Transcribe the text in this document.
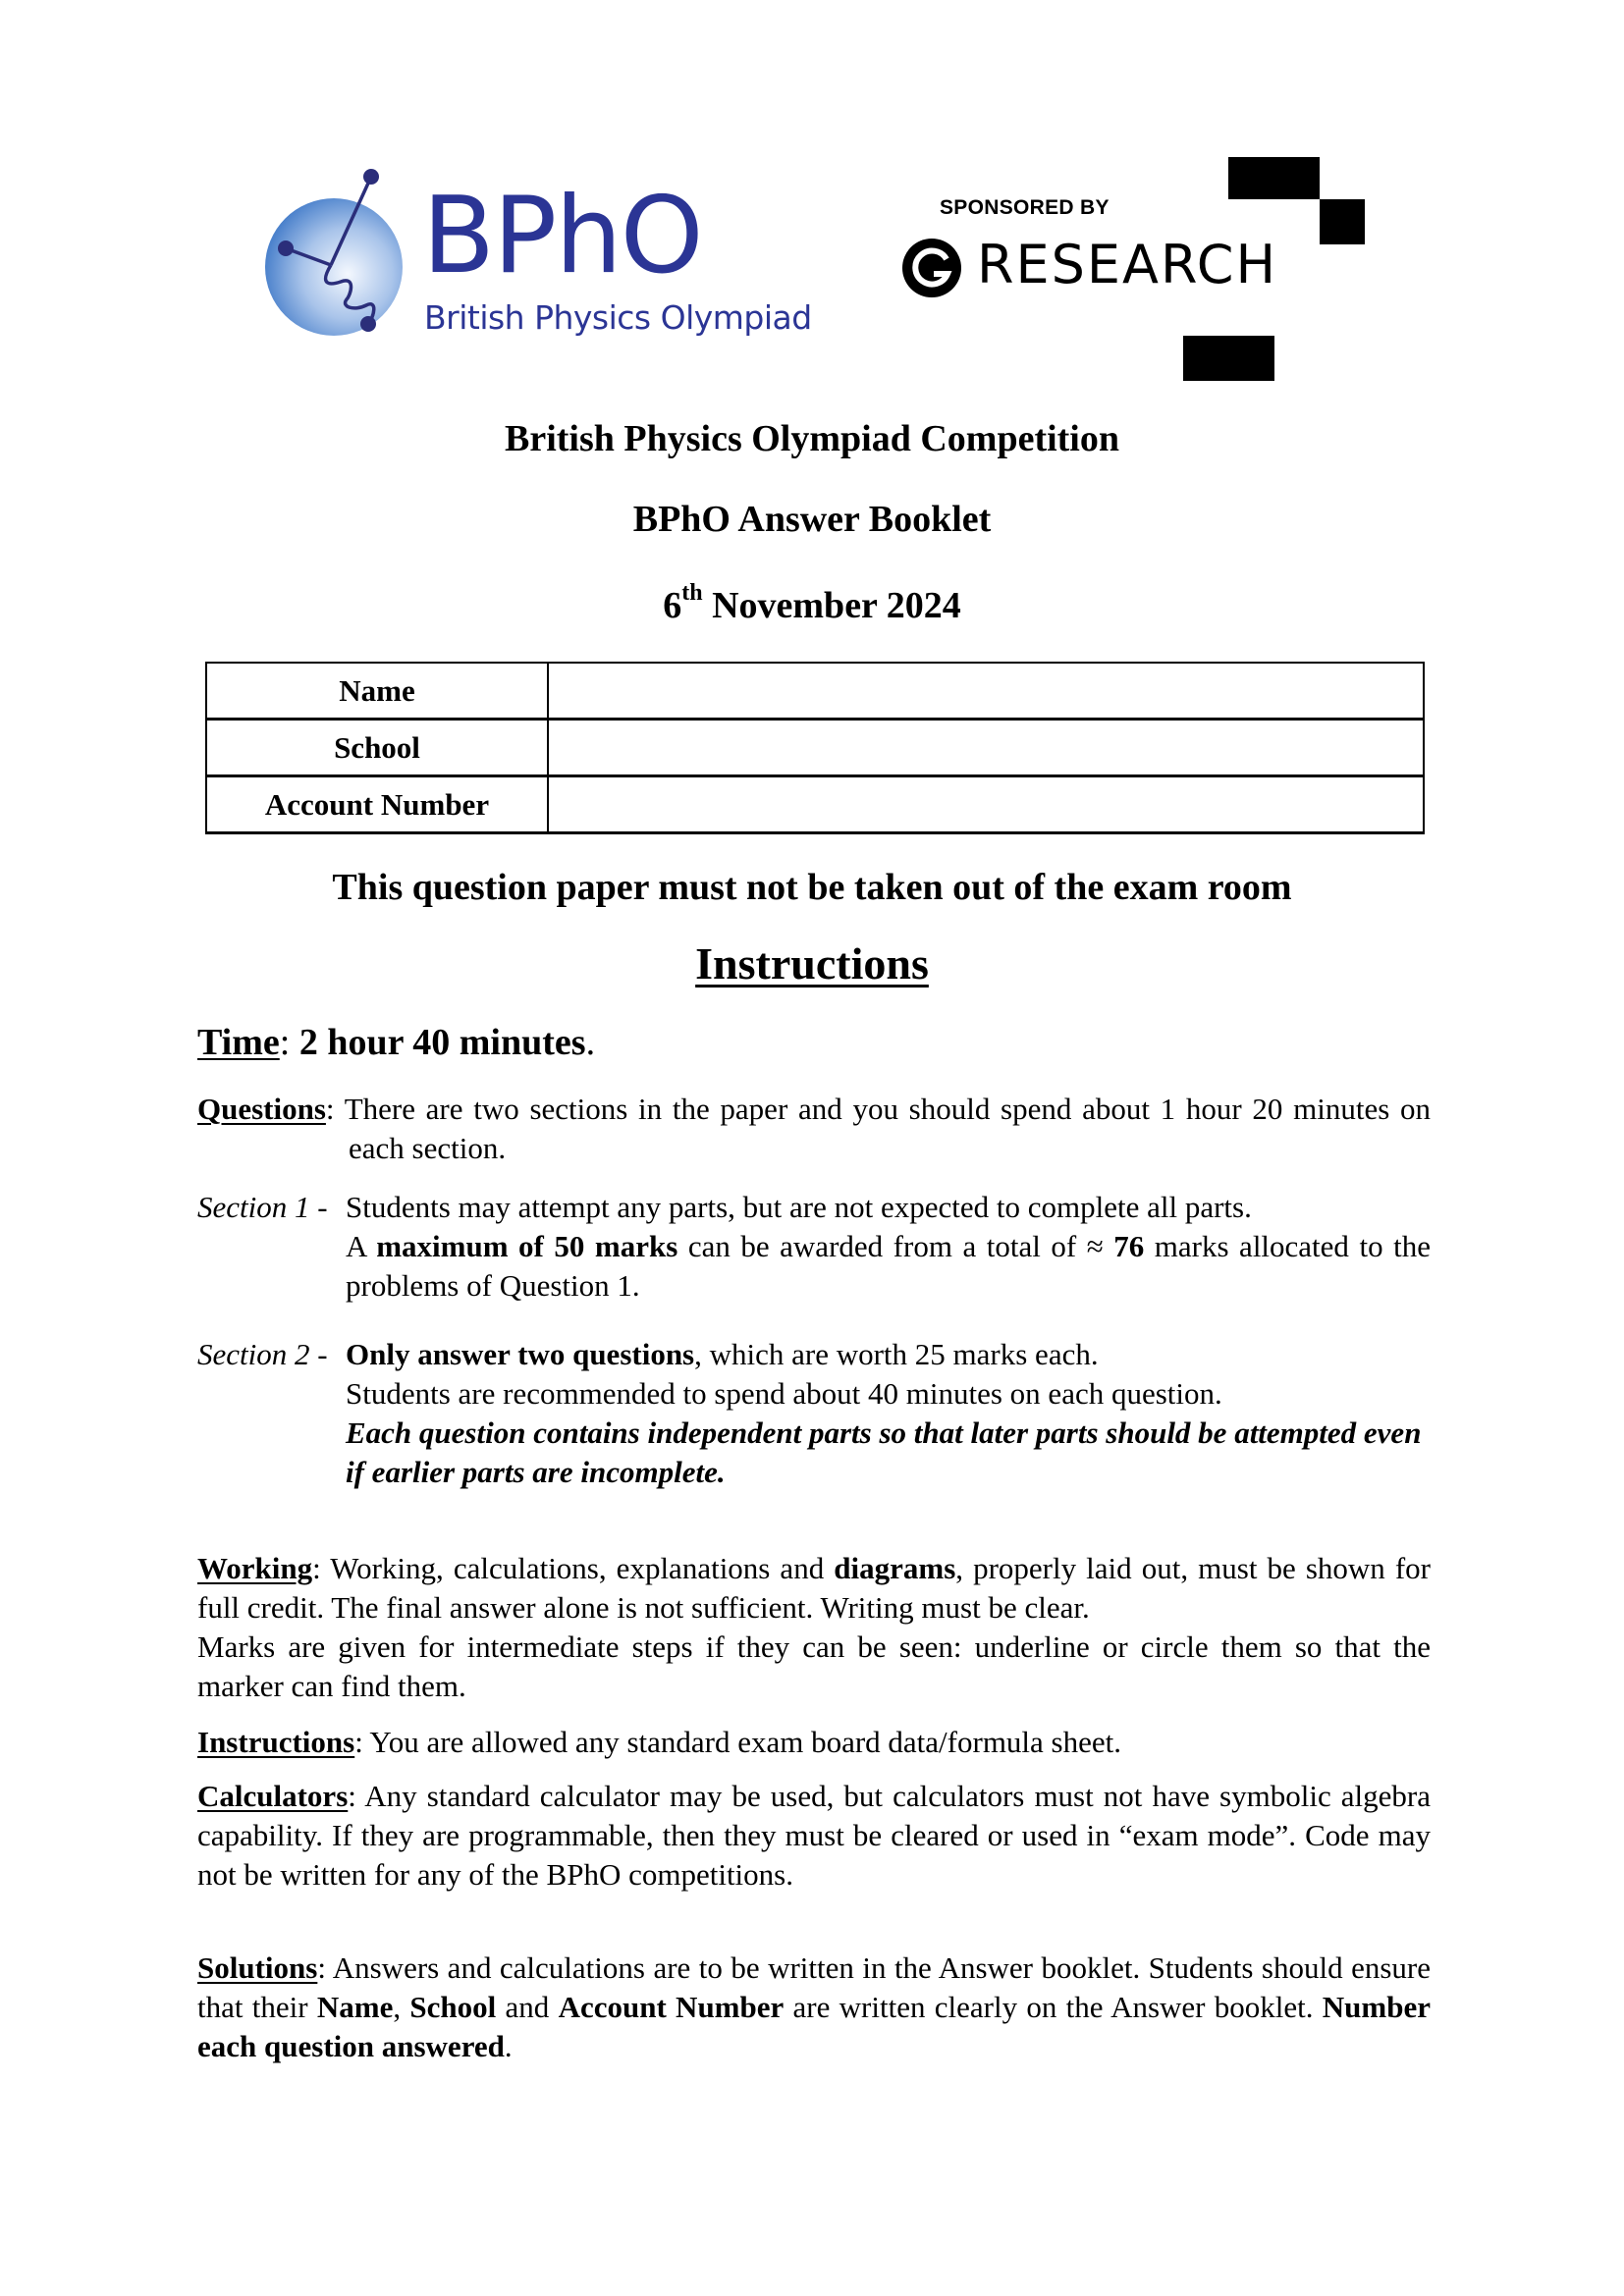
BPhO
British Physics Olympiad
SPONSORED BY
RESEARCH
British Physics Olympiad Competition
BPhO Answer Booklet
6th November 2024
Name	
School	
Account Number	
This question paper must not be taken out of the exam room
Instructions
Time: 2 hour 40 minutes.
Questions: There are two sections in the paper and you should spend about 1 hour 20 minutes on each section.
Section 1 - Students may attempt any parts, but are not expected to complete all parts.
A maximum of 50 marks can be awarded from a total of ≈ 76 marks allocated to the problems of Question 1.
Section 2 - Only answer two questions, which are worth 25 marks each.
Students are recommended to spend about 40 minutes on each question.
Each question contains independent parts so that later parts should be attempted even if earlier parts are incomplete.
Working: Working, calculations, explanations and diagrams, properly laid out, must be shown for full credit. The final answer alone is not sufficient. Writing must be clear.
Marks are given for intermediate steps if they can be seen: underline or circle them so that the marker can find them.
Instructions: You are allowed any standard exam board data/formula sheet.
Calculators: Any standard calculator may be used, but calculators must not have symbolic algebra capability. If they are programmable, then they must be cleared or used in “exam mode”. Code may not be written for any of the BPhO competitions.
Solutions: Answers and calculations are to be written in the Answer booklet. Students should ensure that their Name, School and Account Number are written clearly on the Answer booklet. Number each question answered.
